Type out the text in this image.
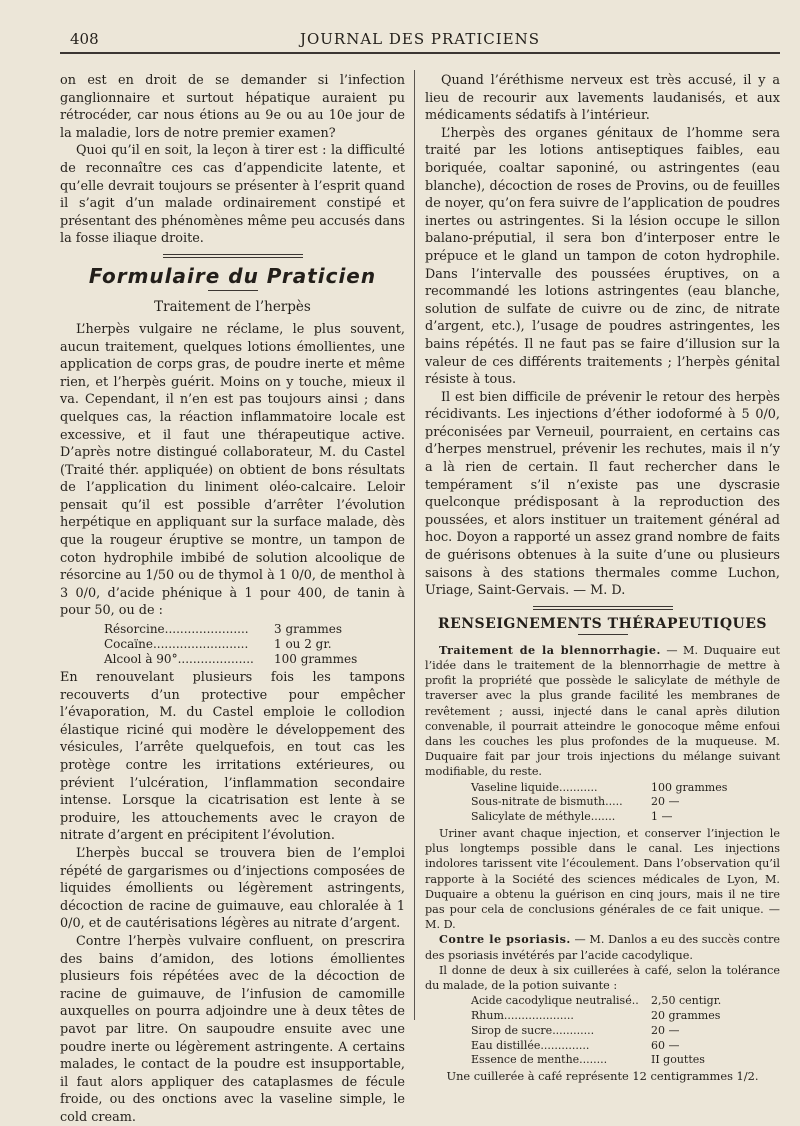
408	JOURNAL DES PRATICIENS

on est en droit de se demander si l’infection ganglionnaire et surtout hépatique auraient pu rétrocéder, car nous étions au 9e ou au 10e jour de la maladie, lors de notre premier examen?

Quoi qu’il en soit, la leçon à tirer est : la difficulté de reconnaître ces cas d’appendicite latente, et qu’elle devrait toujours se présenter à l’esprit quand il s’agit d’un malade ordinairement constipé et présentant des phénomènes même peu accusés dans la fosse iliaque droite.

Formulaire du Praticien
Traitement de l’herpès

L’herpès vulgaire ne réclame, le plus souvent, aucun traitement, quelques lotions émollientes, une application de corps gras, de poudre inerte et même rien, et l’herpès guérit. Moins on y touche, mieux il va. Cependant, il n’en est pas toujours ainsi ; dans quelques cas, la réaction inflammatoire locale est excessive, et il faut une thérapeutique active. D’après notre distingué collaborateur, M. du Castel (Traité thér. appliquée) on obtient de bons résultats de l’application du liniment oléo-calcaire. Leloir pensait qu’il est possible d’arrêter l’évolution herpétique en appliquant sur la surface malade, dès que la rougeur éruptive se montre, un tampon de coton hydrophile imbibé de solution alcoolique de résorcine au 1/50 ou de thymol à 1 0/0, de menthol à 3 0/0, d’acide phénique à 1 pour 400, de tanin à pour 50, ou de :

Résorcine...................... 3 grammes
Cocaïne......................... 1 ou 2 gr.
Alcool à 90°.................... 100 grammes

En renouvelant plusieurs fois les tampons recouverts d’un protective pour empêcher l’évaporation, M. du Castel emploie le collodion élastique riciné qui modère le développement des vésicules, l’arrête quelquefois, en tout cas les protège contre les irritations extérieures, ou prévient l’ulcération, l’inflammation secondaire intense. Lorsque la cicatrisation est lente à se produire, les attouchements avec le crayon de nitrate d’argent en précipitent l’évolution.

L’herpès buccal se trouvera bien de l’emploi répété de gargarismes ou d’injections composées de liquides émollients ou légèrement astringents, décoction de racine de guimauve, eau chloralée à 1 0/0, et de cautérisations légères au nitrate d’argent.

Contre l’herpès vulvaire confluent, on prescrira des bains d’amidon, des lotions émollientes plusieurs fois répétées avec de la décoction de racine de guimauve, de l’infusion de camomille auxquelles on pourra adjoindre une à deux têtes de pavot par litre. On saupoudre ensuite avec une poudre inerte ou légèrement astringente. A certains malades, le contact de la poudre est insupportable, il faut alors appliquer des cataplasmes de fécule froide, ou des onctions avec la vaseline simple, le cold cream.

Quand l’éréthisme nerveux est très accusé, il y a lieu de recourir aux lavements laudanisés, et aux médicaments sédatifs à l’intérieur.

L’herpès des organes génitaux de l’homme sera traité par les lotions antiseptiques faibles, eau boriquée, coaltar saponiné, ou astringentes (eau blanche), décoction de roses de Provins, ou de feuilles de noyer, qu’on fera suivre de l’application de poudres inertes ou astringentes. Si la lésion occupe le sillon balano-préputial, il sera bon d’interposer entre le prépuce et le gland un tampon de coton hydrophile. Dans l’intervalle des poussées éruptives, on a recommandé les lotions astringentes (eau blanche, solution de sulfate de cuivre ou de zinc, de nitrate d’argent, etc.), l’usage de poudres astringentes, les bains répétés. Il ne faut pas se faire d’illusion sur la valeur de ces différents traitements ; l’herpès génital résiste à tous.

Il est bien difficile de prévenir le retour des herpès récidivants. Les injections d’éther iodoformé à 5 0/0, préconisées par Verneuil, pourraient, en certains cas d’herpes menstruel, prévenir les rechutes, mais il n’y a là rien de certain. Il faut rechercher dans le tempérament s’il n’existe pas une dyscrasie quelconque prédisposant à la reproduction des poussées, et alors instituer un traitement général ad hoc. Doyon a rapporté un assez grand nombre de faits de guérisons obtenues à la suite d’une ou plusieurs saisons à des stations thermales comme Luchon, Uriage, Saint-Gervais. — M. D.

RENSEIGNEMENTS THÉRAPEUTIQUES

Traitement de la blennorrhagie. — M. Duquaire eut l’idée dans le traitement de la blennorrhagie de mettre à profit la propriété que possède le salicylate de méthyle de traverser avec la plus grande facilité les membranes de revêtement ; aussi, injecté dans le canal après dilution convenable, il pourrait atteindre le gonocoque même enfoui dans les couches les plus profondes de la muqueuse. M. Duquaire fait par jour trois injections du mélange suivant modifiable, du reste.

Vaseline liquide...........	100 grammes
Sous-nitrate de bismuth.....	20 —
Salicylate de méthyle.......	1 —

Uriner avant chaque injection, et conserver l’injection le plus longtemps possible dans le canal. Les injections indolores tarissent vite l’écoulement. Dans l’observation qu’il rapporte à la Société des sciences médicales de Lyon, M. Duquaire a obtenu la guérison en cinq jours, mais il ne tire pas pour cela de conclusions générales de ce fait unique. — M. D.

Contre le psoriasis. — M. Danlos a eu des succès contre des psoriasis invétérés par l’acide cacodylique.

Il donne de deux à six cuillerées à café, selon la tolérance du malade, de la potion suivante :

Acide cacodylique neutralisé.. 2,50 centigr.
Rhum....................	20 grammes
Sirop de sucre............	20 —
Eau distillée..............	60 —
Essence de menthe........	II gouttes

Une cuillerée à café représente 12 centigrammes 1/2.
